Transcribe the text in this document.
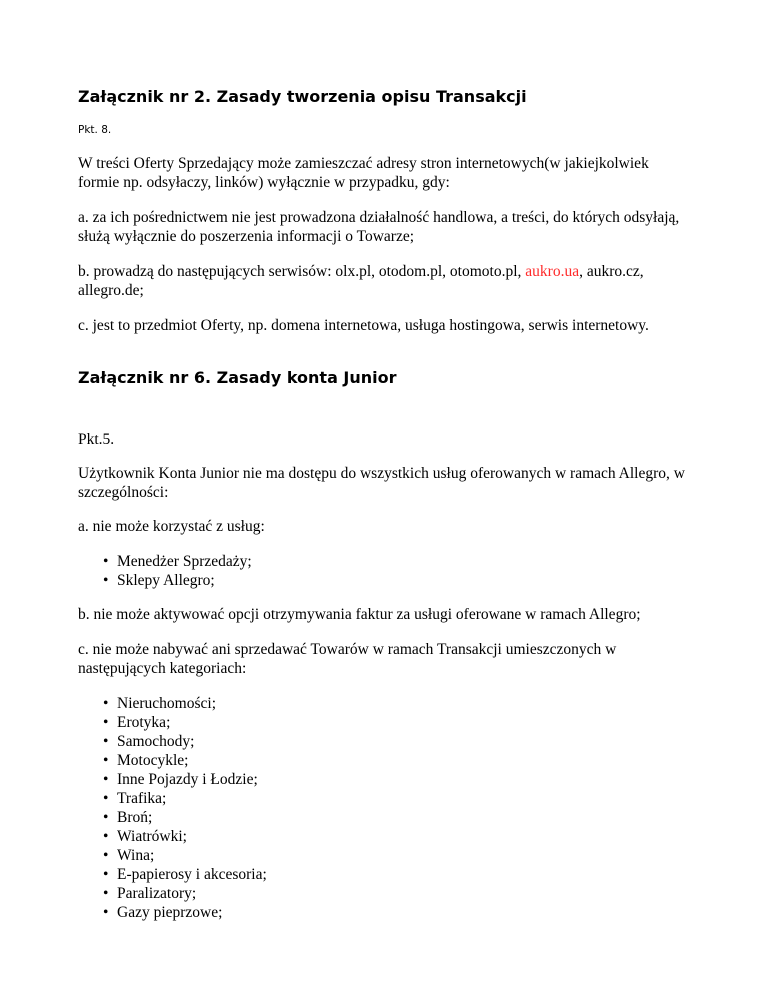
Załącznik nr 2. Zasady tworzenia opisu Transakcji

Pkt. 8.

W treści Oferty Sprzedający może zamieszczać adresy stron internetowych(w jakiejkolwiek formie np. odsyłaczy, linków) wyłącznie w przypadku, gdy:

a. za ich pośrednictwem nie jest prowadzona działalność handlowa, a treści, do których odsyłają, służą wyłącznie do poszerzenia informacji o Towarze;

b. prowadzą do następujących serwisów: olx.pl, otodom.pl, otomoto.pl, aukro.ua, aukro.cz, allegro.de;

c. jest to przedmiot Oferty, np. domena internetowa, usługa hostingowa, serwis internetowy.

Załącznik nr 6. Zasady konta Junior

Pkt.5.

Użytkownik Konta Junior nie ma dostępu do wszystkich usług oferowanych w ramach Allegro, w szczególności:

a. nie może korzystać z usług:

• Menedżer Sprzedaży;
• Sklepy Allegro;

b. nie może aktywować opcji otrzymywania faktur za usługi oferowane w ramach Allegro;

c. nie może nabywać ani sprzedawać Towarów w ramach Transakcji umieszczonych w następujących kategoriach:

• Nieruchomości;
• Erotyka;
• Samochody;
• Motocykle;
• Inne Pojazdy i Łodzie;
• Trafika;
• Broń;
• Wiatrówki;
• Wina;
• E-papierosy i akcesoria;
• Paralizatory;
• Gazy pieprzowe;
